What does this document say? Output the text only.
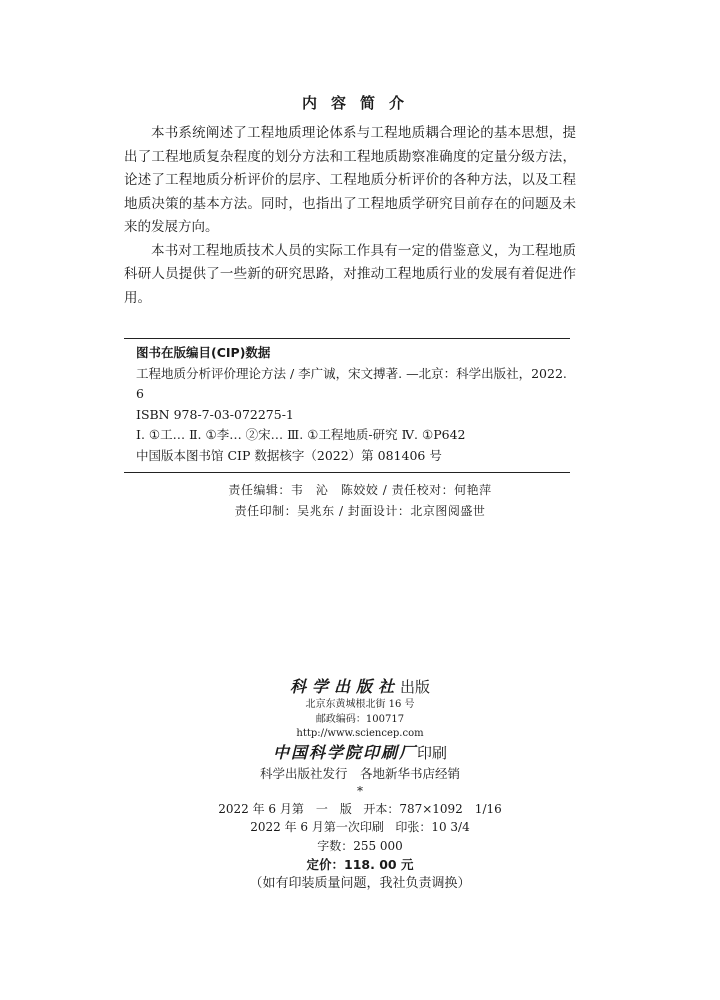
内容简介

本书系统阐述了工程地质理论体系与工程地质耦合理论的基本思想，提出了工程地质复杂程度的划分方法和工程地质勘察准确度的定量分级方法，论述了工程地质分析评价的层序、工程地质分析评价的各种方法，以及工程地质决策的基本方法。同时，也指出了工程地质学研究目前存在的问题及未来的发展方向。

本书对工程地质技术人员的实际工作具有一定的借鉴意义，为工程地质科研人员提供了一些新的研究思路，对推动工程地质行业的发展有着促进作用。

图书在版编目(CIP)数据
工程地质分析评价理论方法 / 李广诚，宋文搏著. —北京：科学出版社，2022. 6
ISBN 978-7-03-072275-1
Ⅰ. ①工… Ⅱ. ①李… ②宋… Ⅲ. ①工程地质-研究 Ⅳ. ①P642
中国版本图书馆 CIP 数据核字（2022）第 081406 号
责任编辑：韦　沁　陈姣姣 / 责任校对：何艳萍
责任印制：吴兆东 / 封面设计：北京图阅盛世
科学出版社出版
北京东黄城根北街 16 号
邮政编码：100717
http://www.sciencep.com
中国科学院印刷厂印刷
科学出版社发行　各地新华书店经销
*
2022 年 6 月第　一　版 开本：787×1092　1/16
2022 年 6 月第一次印刷 印张：10 3/4
字数：255 000
定价：118. 00 元
（如有印装质量问题，我社负责调换）
